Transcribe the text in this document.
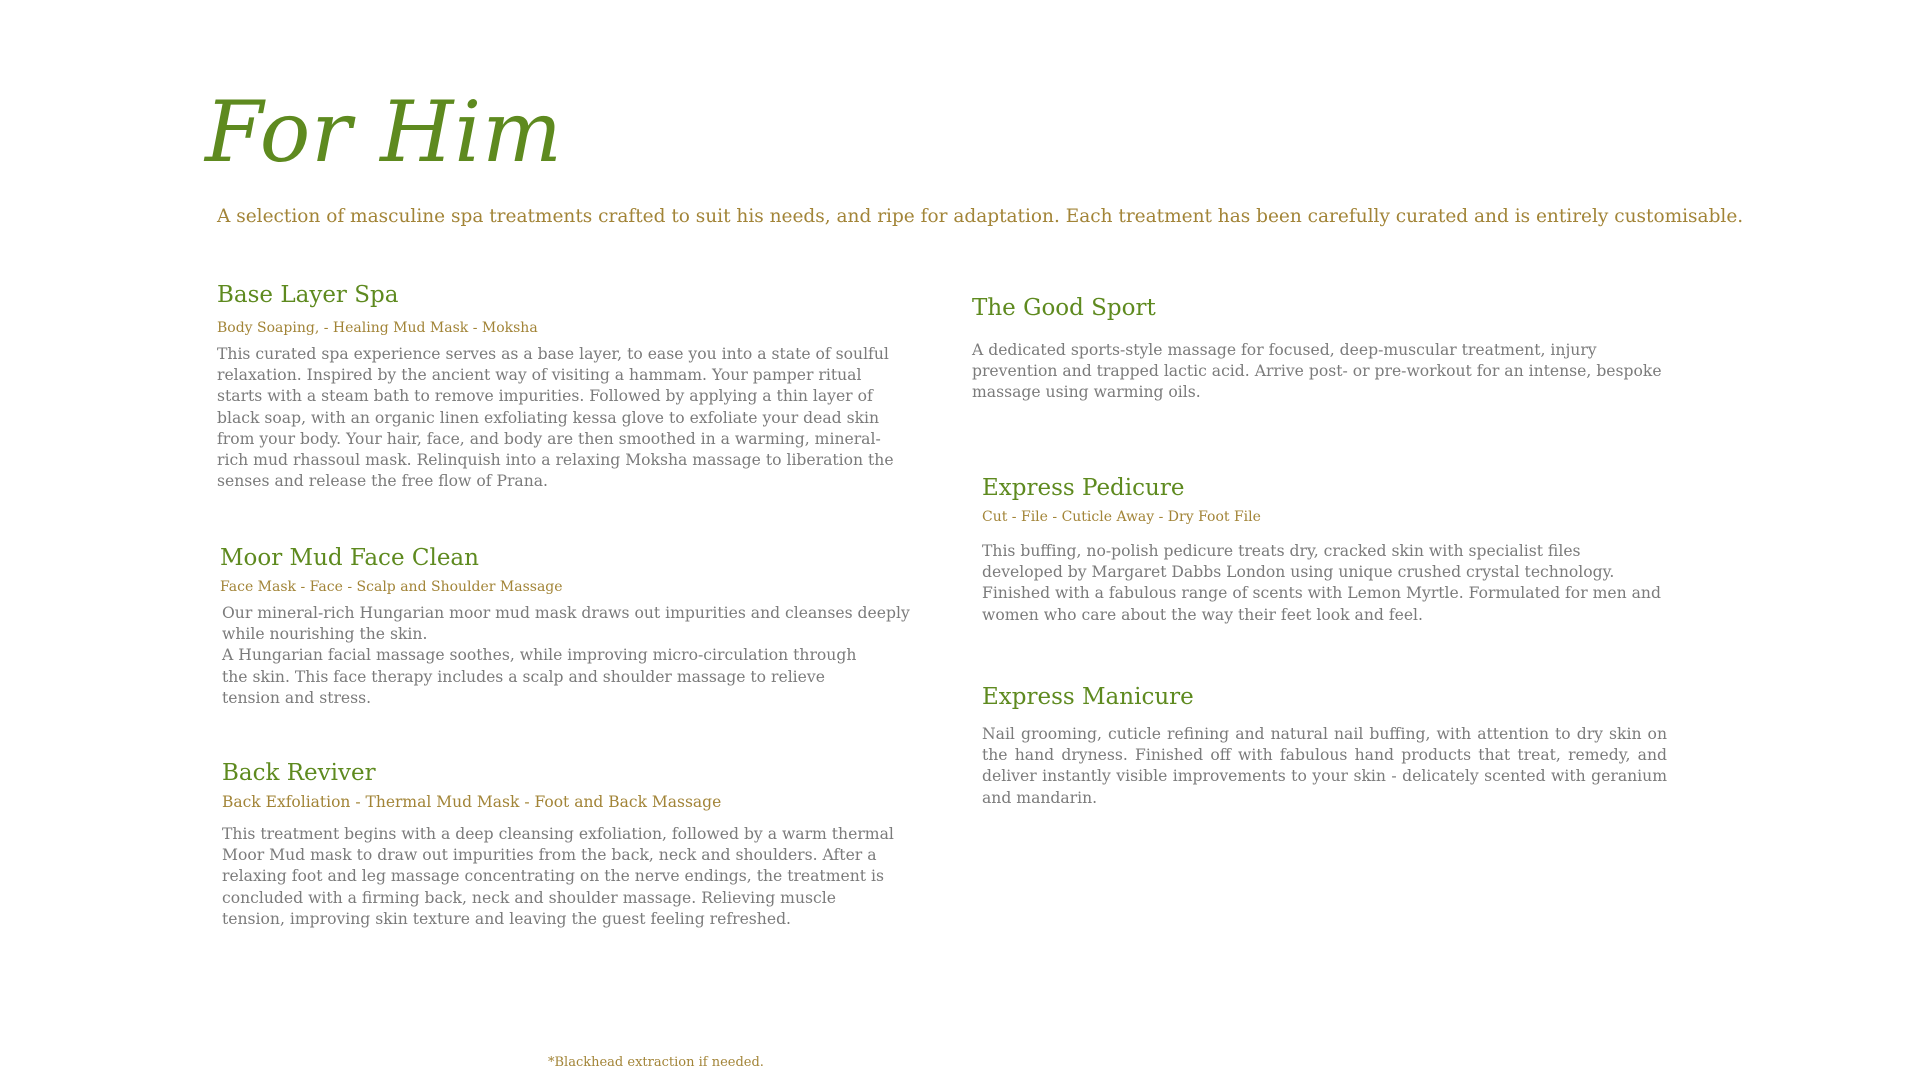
For Him
A selection of masculine spa treatments crafted to suit his needs, and ripe for adaptation. Each treatment has been carefully curated and is entirely customisable.
Base Layer Spa
Body Soaping, - Healing Mud Mask - Moksha
This curated spa experience serves as a base layer, to ease you into a state of soulful relaxation. Inspired by the ancient way of visiting a hammam. Your pamper ritual starts with a steam bath to remove impurities. Followed by applying a thin layer of black soap, with an organic linen exfoliating kessa glove to exfoliate your dead skin from your body. Your hair, face, and body are then smoothed in a warming, mineral-rich mud rhassoul mask. Relinquish into a relaxing Moksha massage to liberation the senses and release the free flow of Prana.
Moor Mud Face Clean
Face Mask - Face - Scalp and Shoulder Massage

Our mineral-rich Hungarian moor mud mask draws out impurities and cleanses deeply while nourishing the skin.

A Hungarian facial massage soothes, while improving micro-circulation through the skin. This face therapy includes a scalp and shoulder massage to relieve tension and stress.

Back Reviver
Back Exfoliation - Thermal Mud Mask - Foot and Back Massage
This treatment begins with a deep cleansing exfoliation, followed by a warm thermal Moor Mud mask to draw out impurities from the back, neck and shoulders. After a relaxing foot and leg massage concentrating on the nerve endings, the treatment is concluded with a firming back, neck and shoulder massage. Relieving muscle tension, improving skin texture and leaving the guest feeling refreshed.
The Good Sport
A dedicated sports-style massage for focused, deep-muscular treatment, injury prevention and trapped lactic acid. Arrive post- or pre-workout for an intense, bespoke massage using warming oils.
Express Pedicure
Cut - File - Cuticle Away - Dry Foot File
This buffing, no-polish pedicure treats dry, cracked skin with specialist files developed by Margaret Dabbs London using unique crushed crystal technology. Finished with a fabulous range of scents with Lemon Myrtle. Formulated for men and women who care about the way their feet look and feel.
Express Manicure
Nail grooming, cuticle refining and natural nail buffing, with attention to dry skin on the hand dryness. Finished off with fabulous hand products that treat, remedy, and deliver instantly visible improvements to your skin - delicately scented with geranium and mandarin.
*Blackhead extraction if needed.
